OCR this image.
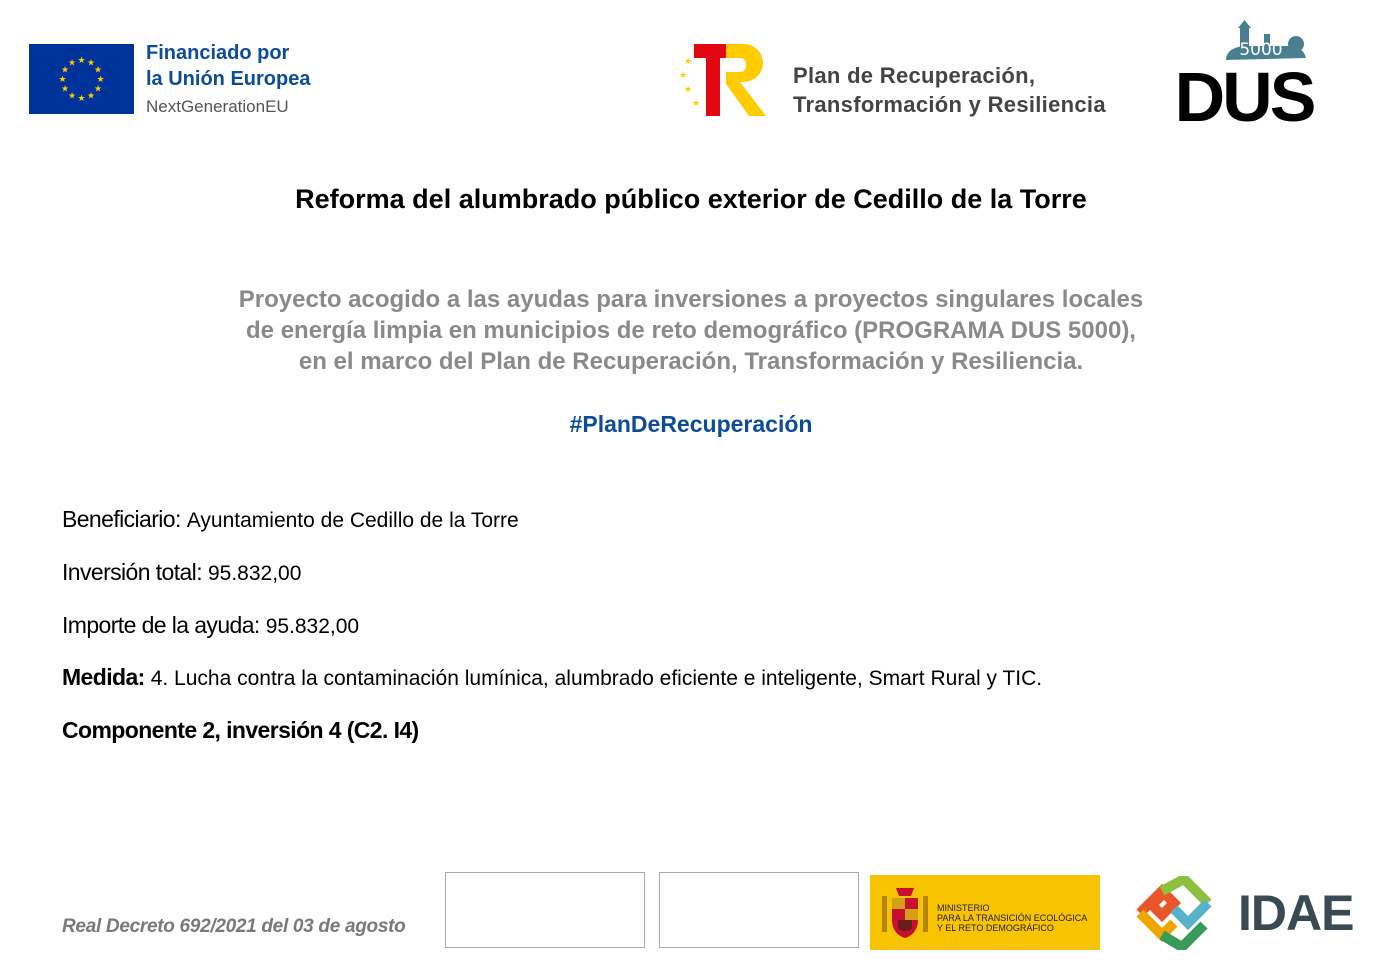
★ ★
★
★
★
★
★
★
★
★
★
★	Financiado por
la Unión Europea
NextGenerationEU
★
★
★
★
Plan de Recuperación,
Transformación y Resiliencia
5000
DUS
Reforma del alumbrado público exterior de Cedillo de la Torre
Proyecto acogido a las ayudas para inversiones a proyectos singulares locales
de energía limpia en municipios de reto demográfico (PROGRAMA DUS 5000),
en el marco del Plan de Recuperación, Transformación y Resiliencia.
#PlanDeRecuperación
Beneficiario: Ayuntamiento de Cedillo de la Torre
Inversión total: 95.832,00
Importe de la ayuda: 95.832,00
Medida: 4. Lucha contra la contaminación lumínica, alumbrado eficiente e inteligente, Smart Rural y TIC.
Componente 2, inversión 4 (C2. I4)
Real Decreto 692/2021 del 03 de agosto
MINISTERIO
PARA LA TRANSICIÓN ECOLÓGICA
Y EL RETO DEMOGRÁFICO	IDAE
